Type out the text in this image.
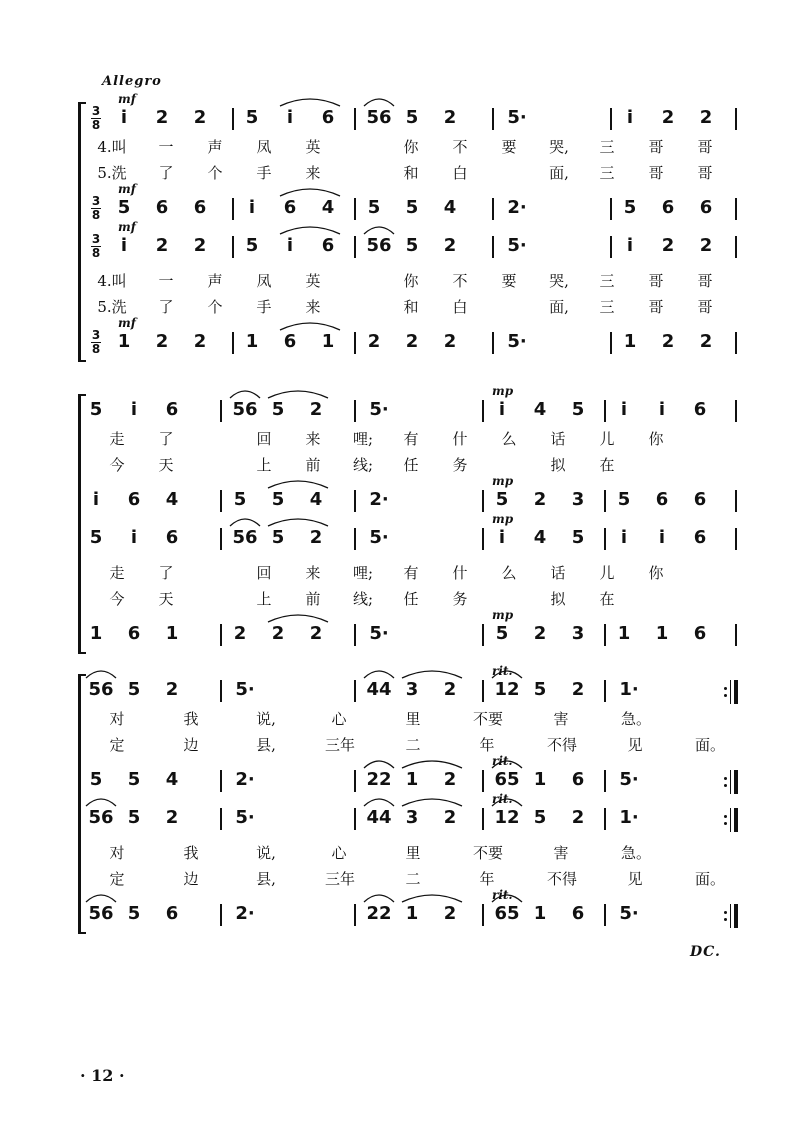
Allegro
DC.
· 12 ·
3
8
mf
i	2	2	5	i	6	56 5	2	5·	i	2	2
4.叫	一	声	凤	英	你	不	要	哭,	三	哥	哥
5.洗	了	个	手	来	和	白	面,	三	哥	哥
3
8
mf
5	6	6	i	6	4	5	5	4	2·	5	6	6
3
8
mf
i	2	2	5	i	6	56 5	2	5·	i	2	2
4.叫	一	声	凤	英	你	不	要	哭,	三	哥	哥
5.洗	了	个	手	来	和	白	面,	三	哥	哥
3
8
mf
1	2	2	1	6	1	2	2	2	5·	1	2	2
5	i	6	56 5	2	5·	i	4	5	i	i	6
mp
走	了	回	来	哩;	有	什	么	话	儿	你
今	天	上	前	线;	任	务	拟	在
i	6	4	5	5	4	2·	5	2	3	5	6	6
mp
5	i	6	56 5	2	5·	i	4	5	i	i	6
mp
走	了	回	来	哩;	有	什	么	话	儿	你
今	天	上	前	线;	任	务	拟	在
1	6	1	2	2	2	5·	5	2	3	1	1	6
mp
56 5	2	5·	44 3	2	12 5	2	1·
rit.
对	我	说,	心	里	不要	害	急。
定	边	县,	三年	二	年	不得	见	面。
5	5	4	2·	22 1	2	65 1	6	5·
rit.
56 5	2	5·	44 3	2	12 5	2	1·
rit.
对	我	说,	心	里	不要	害	急。
定	边	县,	三年	二	年	不得	见	面。
56 5	6	2·	22 1	2	65 1	6	5·
rit.
